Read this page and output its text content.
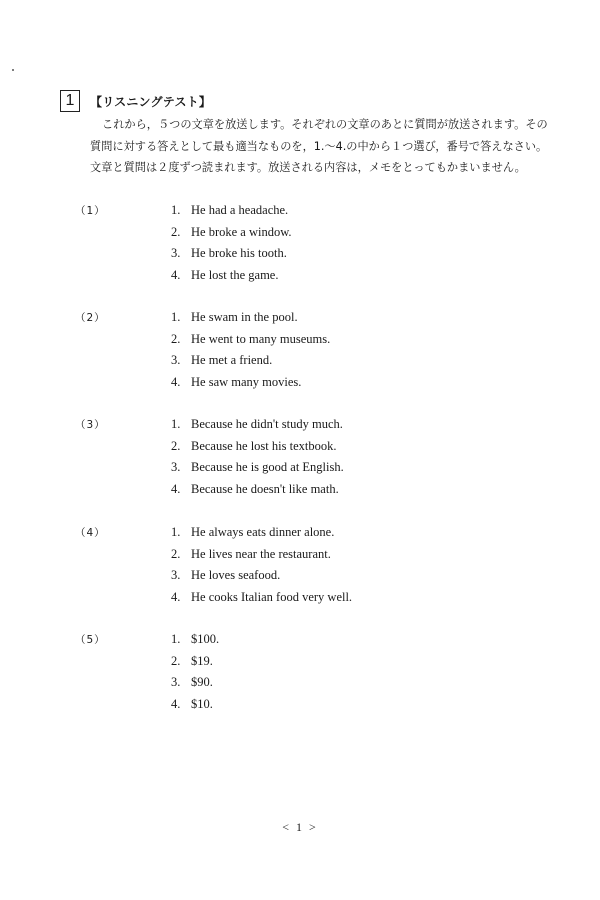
1	【リスニングテスト】

これから，５つの文章を放送します。それぞれの文章のあとに質問が放送されます。その

質問に対する答えとして最も適当なものを，1.～4.の中から１つ選び，番号で答えなさい。

文章と質問は２度ずつ読まれます。放送される内容は，メモをとってもかまいません。

（1）	1. He had a headache.
2. He broke a window.
3. He broke his tooth.
4. He lost the game.
（2）	1. He swam in the pool.
2. He went to many museums.
3. He met a friend.
4. He saw many movies.
（3）	1. Because he didn't study much.
2. Because he lost his textbook.
3. Because he is good at English.
4. Because he doesn't like math.
（4）	1. He always eats dinner alone.
2. He lives near the restaurant.
3. He loves seafood.
4. He cooks Italian food very well.
（5）	1. $100.
2. $19.
3. $90.
4. $10.
< 1 >
